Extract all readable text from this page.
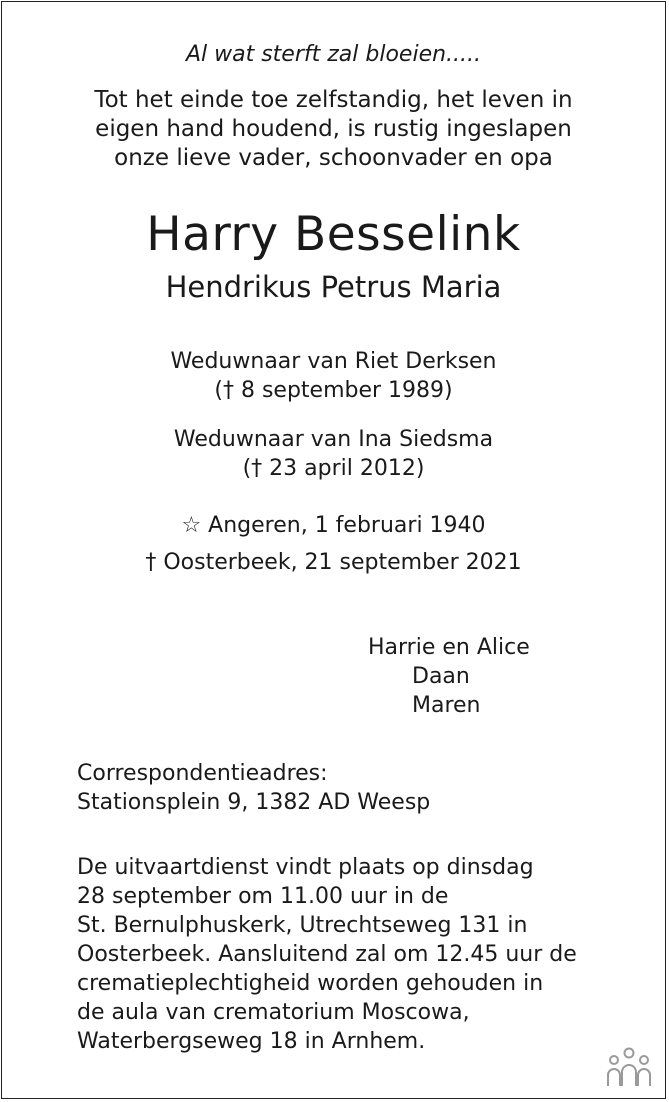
Al wat sterft zal bloeien.....
Tot het einde toe zelfstandig, het leven in
eigen hand houdend, is rustig ingeslapen
onze lieve vader, schoonvader en opa
Harry Besselink
Hendrikus Petrus Maria
Weduwnaar van Riet Derksen
(† 8 september 1989)
Weduwnaar van Ina Siedsma
(† 23 april 2012)
☆ Angeren, 1 februari 1940
† Oosterbeek, 21 september 2021
Harrie en Alice
Daan
Maren
Correspondentieadres:
Stationsplein 9, 1382 AD Weesp
De uitvaartdienst vindt plaats op dinsdag
28 september om 11.00 uur in de
St. Bernulphuskerk, Utrechtseweg 131 in
Oosterbeek. Aansluitend zal om 12.45 uur de
crematieplechtigheid worden gehouden in
de aula van crematorium Moscowa,
Waterbergseweg 18 in Arnhem.
